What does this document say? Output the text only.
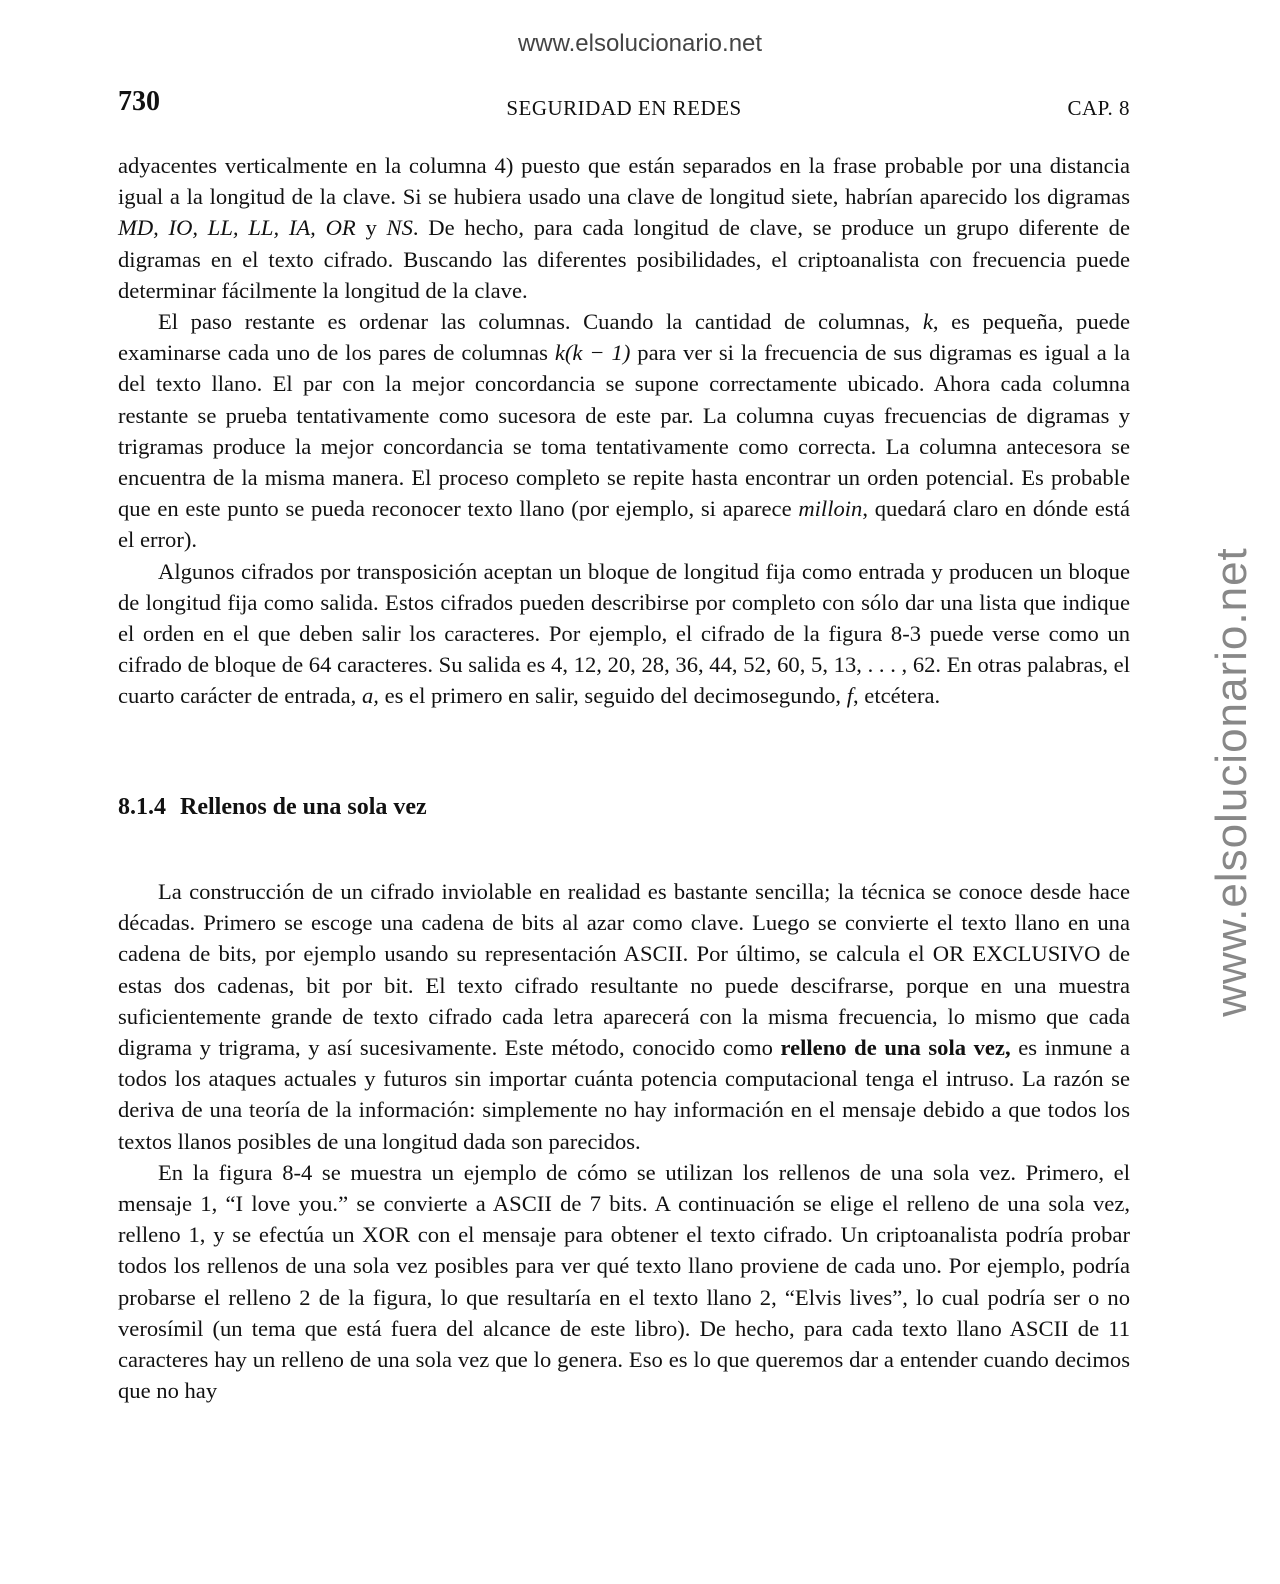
www.elsolucionario.net
www.elsolucionario.net
730	SEGURIDAD EN REDES	CAP. 8

adyacentes verticalmente en la columna 4) puesto que están separados en la frase probable por una distancia igual a la longitud de la clave. Si se hubiera usado una clave de longitud siete, habrían aparecido los digramas MD, IO, LL, LL, IA, OR y NS. De hecho, para cada longitud de clave, se produce un grupo diferente de digramas en el texto cifrado. Buscando las diferentes posibilidades, el criptoanalista con frecuencia puede determinar fácilmente la longitud de la clave.

El paso restante es ordenar las columnas. Cuando la cantidad de columnas, k, es pequeña, puede examinarse cada uno de los pares de columnas k(k − 1) para ver si la frecuencia de sus digramas es igual a la del texto llano. El par con la mejor concordancia se supone correctamente ubicado. Ahora cada columna restante se prueba tentativamente como sucesora de este par. La columna cuyas frecuencias de digramas y trigramas produce la mejor concordancia se toma tentativamente como correcta. La columna antecesora se encuentra de la misma manera. El proceso completo se repite hasta encontrar un orden potencial. Es probable que en este punto se pueda reconocer texto llano (por ejemplo, si aparece milloin, quedará claro en dónde está el error).

Algunos cifrados por transposición aceptan un bloque de longitud fija como entrada y producen un bloque de longitud fija como salida. Estos cifrados pueden describirse por completo con sólo dar una lista que indique el orden en el que deben salir los caracteres. Por ejemplo, el cifrado de la figura 8-3 puede verse como un cifrado de bloque de 64 caracteres. Su salida es 4, 12, 20, 28, 36, 44, 52, 60, 5, 13, . . . , 62. En otras palabras, el cuarto carácter de entrada, a, es el primero en salir, seguido del decimosegundo, f, etcétera.

8.1.4 Rellenos de una sola vez

La construcción de un cifrado inviolable en realidad es bastante sencilla; la técnica se conoce desde hace décadas. Primero se escoge una cadena de bits al azar como clave. Luego se convierte el texto llano en una cadena de bits, por ejemplo usando su representación ASCII. Por último, se calcula el OR EXCLUSIVO de estas dos cadenas, bit por bit. El texto cifrado resultante no puede descifrarse, porque en una muestra suficientemente grande de texto cifrado cada letra aparecerá con la misma frecuencia, lo mismo que cada digrama y trigrama, y así sucesivamente. Este método, conocido como relleno de una sola vez, es inmune a todos los ataques actuales y futuros sin importar cuánta potencia computacional tenga el intruso. La razón se deriva de una teoría de la información: simplemente no hay información en el mensaje debido a que todos los textos llanos posibles de una longitud dada son parecidos.

En la figura 8-4 se muestra un ejemplo de cómo se utilizan los rellenos de una sola vez. Primero, el mensaje 1, “I love you.” se convierte a ASCII de 7 bits. A continuación se elige el relleno de una sola vez, relleno 1, y se efectúa un XOR con el mensaje para obtener el texto cifrado. Un criptoanalista podría probar todos los rellenos de una sola vez posibles para ver qué texto llano proviene de cada uno. Por ejemplo, podría probarse el relleno 2 de la figura, lo que resultaría en el texto llano 2, “Elvis lives”, lo cual podría ser o no verosímil (un tema que está fuera del alcance de este libro). De hecho, para cada texto llano ASCII de 11 caracteres hay un relleno de una sola vez que lo genera. Eso es lo que queremos dar a entender cuando decimos que no hay
